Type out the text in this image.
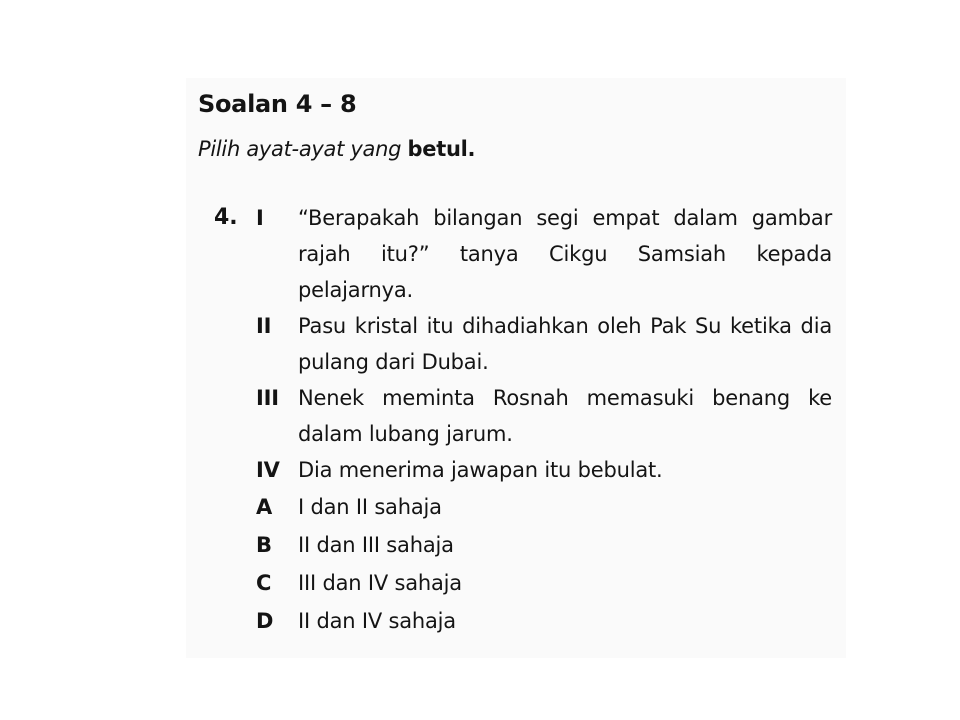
Soalan 4 – 8
Pilih ayat-ayat yang betul.
4. I	“Berapakah bilangan segi empat dalam gambar rajah itu?” tanya Cikgu Samsiah kepada pelajarnya.
II	Pasu kristal itu dihadiahkan oleh Pak Su ketika dia pulang dari Dubai.
III Nenek meminta Rosnah memasuki benang ke dalam lubang jarum.
IV Dia menerima jawapan itu bebulat.
A	I dan II sahaja
B	II dan III sahaja
C	III dan IV sahaja
D	II dan IV sahaja
